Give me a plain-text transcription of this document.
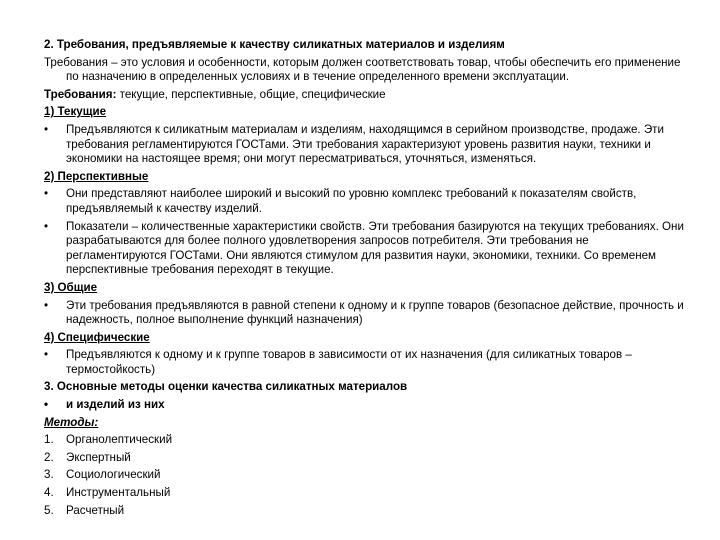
2. Требования, предъявляемые к качеству силикатных материалов и изделиям

Требования – это условия и особенности, которым должен соответствовать товар, чтобы обеспечить его применение по назначению в определенных условиях и в течение определенного времени эксплуатации.

Требования: текущие, перспективные, общие, специфические

1) Текущие

•	Предъявляются к силикатным материалам и изделиям, находящимся в серийном производстве, продаже. Эти требования регламентируются ГОСТами. Эти требования характеризуют уровень развития науки, техники и экономики на настоящее время; они могут пересматриваться, уточняться, изменяться.

2) Перспективные

•	Они представляют наиболее широкий и высокий по уровню комплекс требований к показателям свойств, предъявляемый к качеству изделий.
•	Показатели – количественные характеристики свойств. Эти требования базируются на текущих требованиях. Они разрабатываются для более полного удовлетворения запросов потребителя. Эти требования не регламентируются ГОСТами. Они являются стимулом для развития науки, экономики, техники. Со временем перспективные требования переходят в текущие.

3) Общие

•	Эти требования предъявляются в равной степени к одному и к группе товаров (безопасное действие, прочность и надежность, полное выполнение функций назначения)

4) Специфические

•	Предъявляются к одному и к группе товаров в зависимости от их назначения (для силикатных товаров – термостойкость)

3. Основные методы оценки качества силикатных материалов

•	и изделий из них

Методы:

1.	Органолептический
2.	Экспертный
3.	Социологический
4.	Инструментальный
5.	Расчетный
